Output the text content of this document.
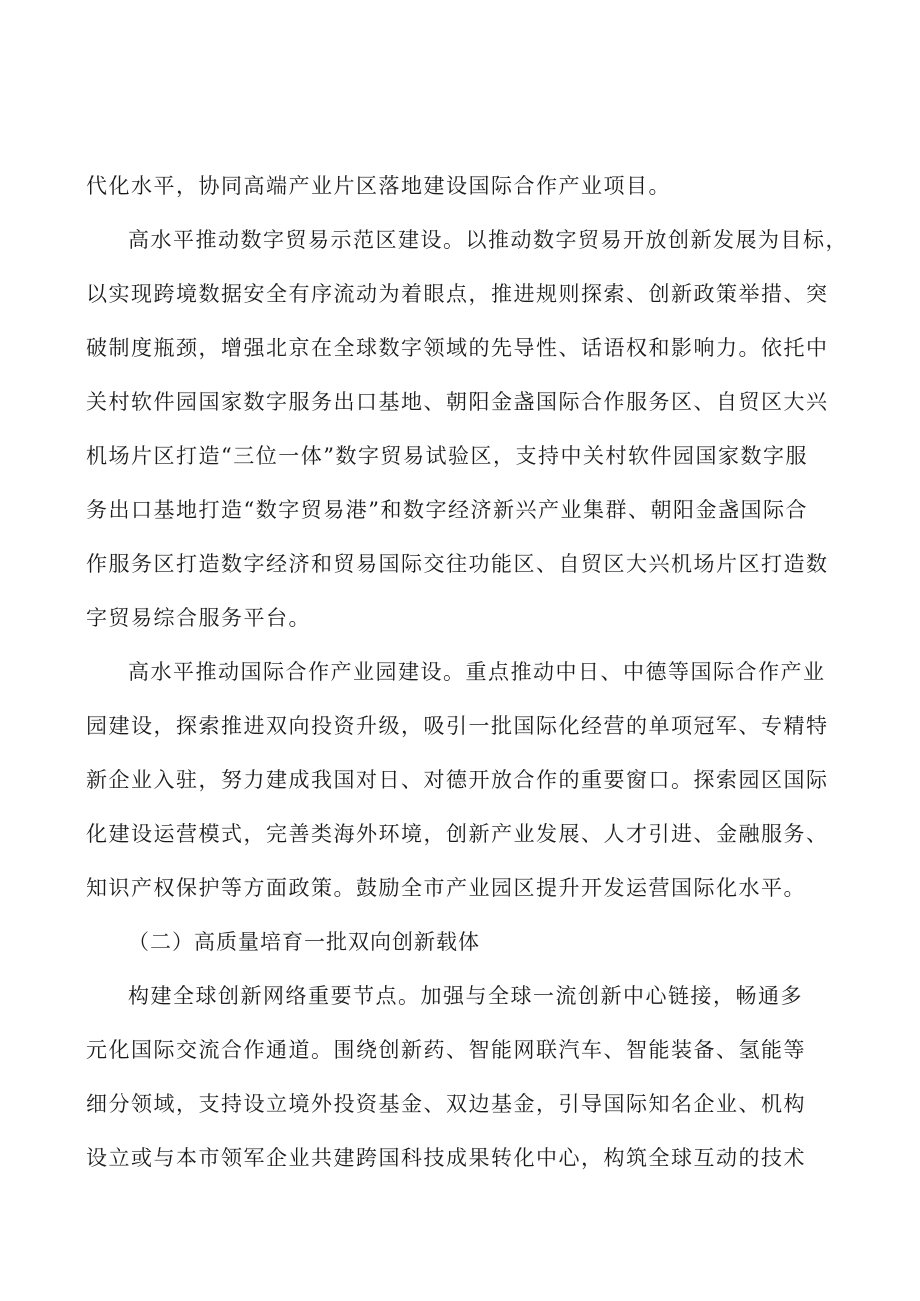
代化水平，协同高端产业片区落地建设国际合作产业项目。
高水平推动数字贸易示范区建设。以推动数字贸易开放创新发展为目标，
以实现跨境数据安全有序流动为着眼点，推进规则探索、创新政策举措、突
破制度瓶颈，增强北京在全球数字领域的先导性、话语权和影响力。依托中
关村软件园国家数字服务出口基地、朝阳金盏国际合作服务区、自贸区大兴
机场片区打造“三位一体”数字贸易试验区，支持中关村软件园国家数字服
务出口基地打造“数字贸易港”和数字经济新兴产业集群、朝阳金盏国际合
作服务区打造数字经济和贸易国际交往功能区、自贸区大兴机场片区打造数
字贸易综合服务平台。
高水平推动国际合作产业园建设。重点推动中日、中德等国际合作产业
园建设，探索推进双向投资升级，吸引一批国际化经营的单项冠军、专精特
新企业入驻，努力建成我国对日、对德开放合作的重要窗口。探索园区国际
化建设运营模式，完善类海外环境，创新产业发展、人才引进、金融服务、
知识产权保护等方面政策。鼓励全市产业园区提升开发运营国际化水平。
（二）高质量培育一批双向创新载体
构建全球创新网络重要节点。加强与全球一流创新中心链接，畅通多
元化国际交流合作通道。围绕创新药、智能网联汽车、智能装备、氢能等
细分领域，支持设立境外投资基金、双边基金，引导国际知名企业、机构
设立或与本市领军企业共建跨国科技成果转化中心，构筑全球互动的技术
